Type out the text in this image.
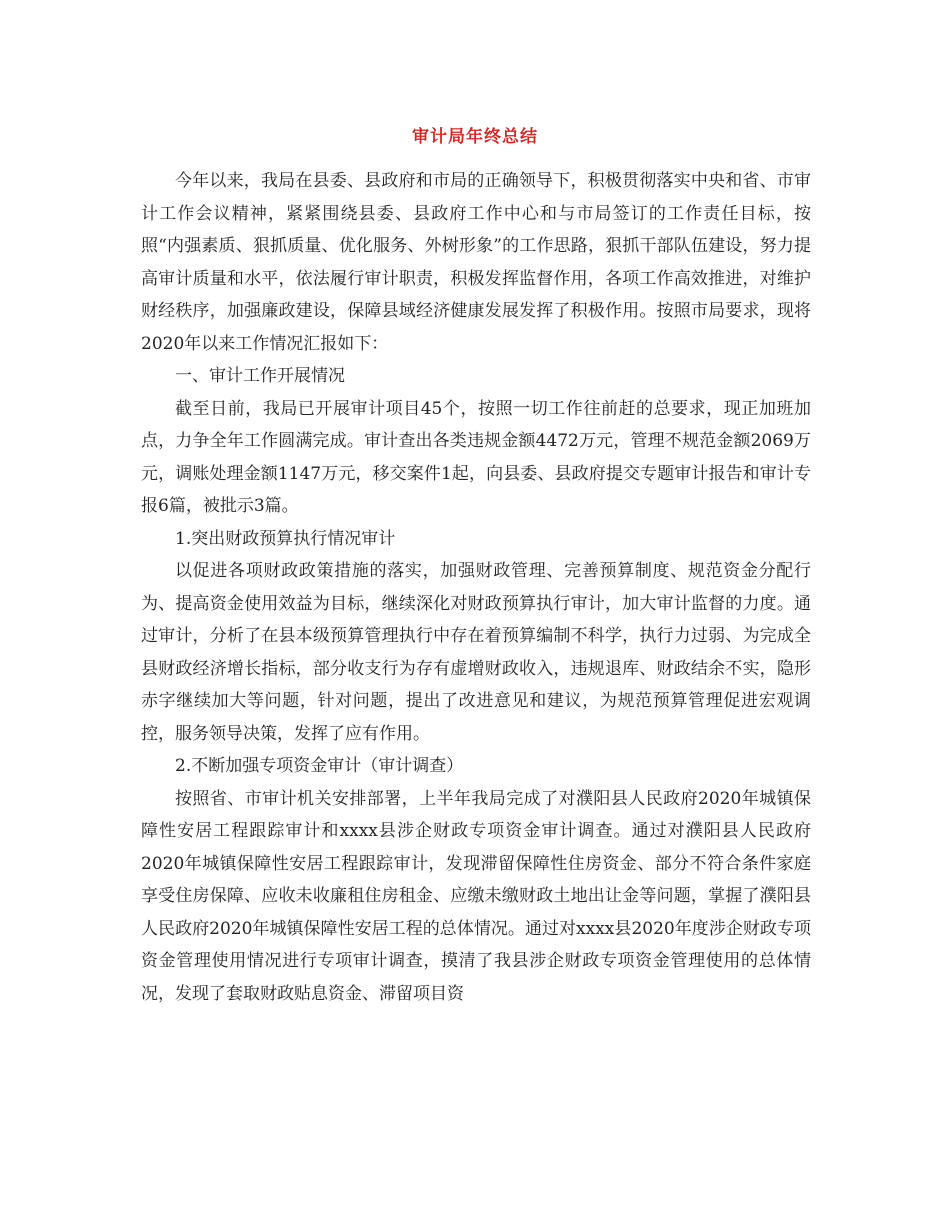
审计局年终总结

今年以来，我局在县委、县政府和市局的正确领导下，积极贯彻落实中央和省、市审计工作会议精神，紧紧围绕县委、县政府工作中心和与市局签订的工作责任目标，按照“内强素质、狠抓质量、优化服务、外树形象”的工作思路，狠抓干部队伍建设，努力提高审计质量和水平，依法履行审计职责，积极发挥监督作用，各项工作高效推进，对维护财经秩序，加强廉政建设，保障县域经济健康发展发挥了积极作用。按照市局要求，现将2020年以来工作情况汇报如下：

一、审计工作开展情况

截至日前，我局已开展审计项目45个，按照一切工作往前赶的总要求，现正加班加点，力争全年工作圆满完成。审计查出各类违规金额4472万元，管理不规范金额2069万元，调账处理金额1147万元，移交案件1起，向县委、县政府提交专题审计报告和审计专报6篇，被批示3篇。

1.突出财政预算执行情况审计

以促进各项财政政策措施的落实，加强财政管理、完善预算制度、规范资金分配行为、提高资金使用效益为目标，继续深化对财政预算执行审计，加大审计监督的力度。通过审计，分析了在县本级预算管理执行中存在着预算编制不科学，执行力过弱、为完成全县财政经济增长指标，部分收支行为存有虚增财政收入，违规退库、财政结余不实，隐形赤字继续加大等问题，针对问题，提出了改进意见和建议，为规范预算管理促进宏观调控，服务领导决策，发挥了应有作用。

2.不断加强专项资金审计（审计调查）

按照省、市审计机关安排部署，上半年我局完成了对濮阳县人民政府2020年城镇保障性安居工程跟踪审计和xxxx县涉企财政专项资金审计调查。通过对濮阳县人民政府2020年城镇保障性安居工程跟踪审计，发现滞留保障性住房资金、部分不符合条件家庭享受住房保障、应收未收廉租住房租金、应缴未缴财政土地出让金等问题，掌握了濮阳县人民政府2020年城镇保障性安居工程的总体情况。通过对xxxx县2020年度涉企财政专项资金管理使用情况进行专项审计调查，摸清了我县涉企财政专项资金管理使用的总体情况，发现了套取财政贴息资金、滞留项目资
